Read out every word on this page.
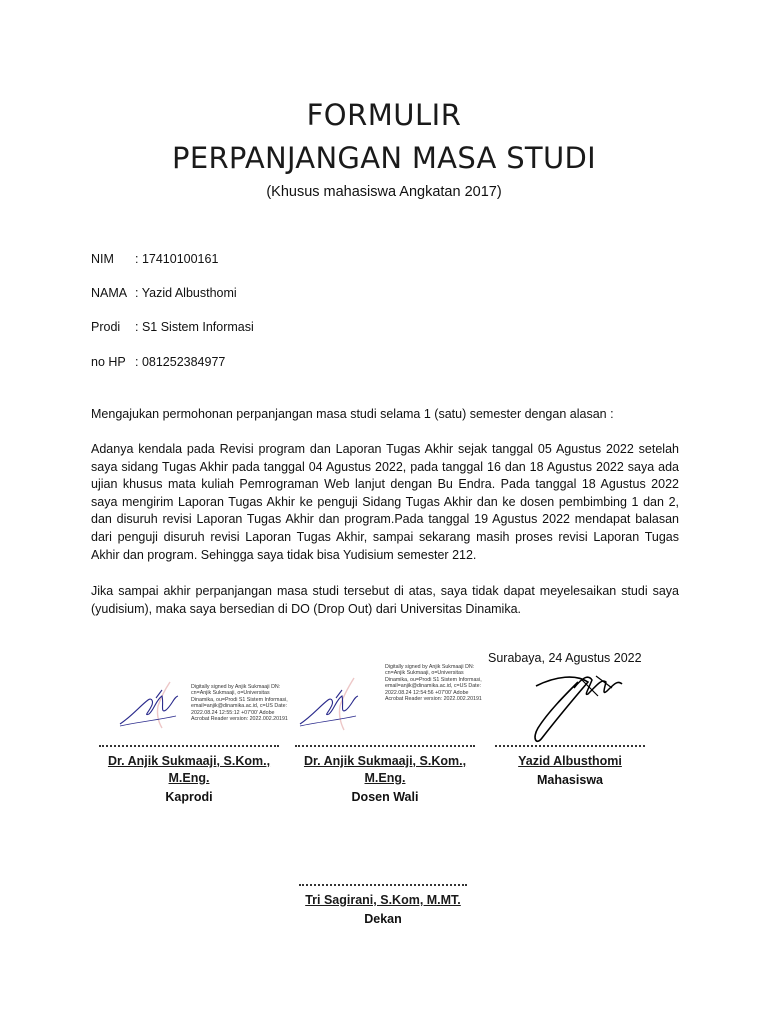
FORMULIR
PERPANJANGAN MASA STUDI
(Khusus mahasiswa Angkatan 2017)
NIM : 17410100161
NAMA : Yazid Albusthomi
Prodi : S1 Sistem Informasi
no HP : 081252384977
Mengajukan permohonan perpanjangan masa studi selama 1 (satu) semester dengan alasan :
Adanya kendala pada Revisi program dan Laporan Tugas Akhir sejak tanggal 05 Agustus 2022 setelah saya sidang Tugas Akhir pada tanggal 04 Agustus 2022, pada tanggal 16 dan 18 Agustus 2022 saya ada ujian khusus mata kuliah Pemrograman Web lanjut dengan Bu Endra. Pada tanggal 18 Agustus 2022 saya mengirim Laporan Tugas Akhir ke penguji Sidang Tugas Akhir dan ke dosen pembimbing 1 dan 2, dan disuruh revisi Laporan Tugas Akhir dan program.Pada tanggal 19 Agustus 2022 mendapat balasan dari penguji disuruh revisi Laporan Tugas Akhir, sampai sekarang masih proses revisi Laporan Tugas Akhir dan program. Sehingga saya tidak bisa Yudisium semester 212.
Jika sampai akhir perpanjangan masa studi tersebut di atas, saya tidak dapat meyelesaikan studi saya (yudisium), maka saya bersedian di DO (Drop Out) dari Universitas Dinamika.
Surabaya, 24 Agustus 2022
Digitally signed by Anjik Sukmaaji DN: cn=Anjik Sukmaaji, o=Universitas Dinamika, ou=Prodi S1 Sistem Informasi, email=anjik@dinamika.ac.id, c=US Date: 2022.08.24 12:55:12 +07'00' Adobe Acrobat Reader version: 2022.002.20191
Digitally signed by Anjik Sukmaaji DN: cn=Anjik Sukmaaji, o=Universitas Dinamika, ou=Prodi S1 Sistem Informasi, email=anjik@dinamika.ac.id, c=US Date: 2022.08.24 12:54:56 +07'00' Adobe Acrobat Reader version: 2022.002.20191
Dr. Anjik Sukmaaji, S.Kom., M.Eng.
Kaprodi
Dr. Anjik Sukmaaji, S.Kom., M.Eng.
Dosen Wali
Yazid Albusthomi
Mahasiswa
Tri Sagirani, S.Kom, M.MT.
Dekan
